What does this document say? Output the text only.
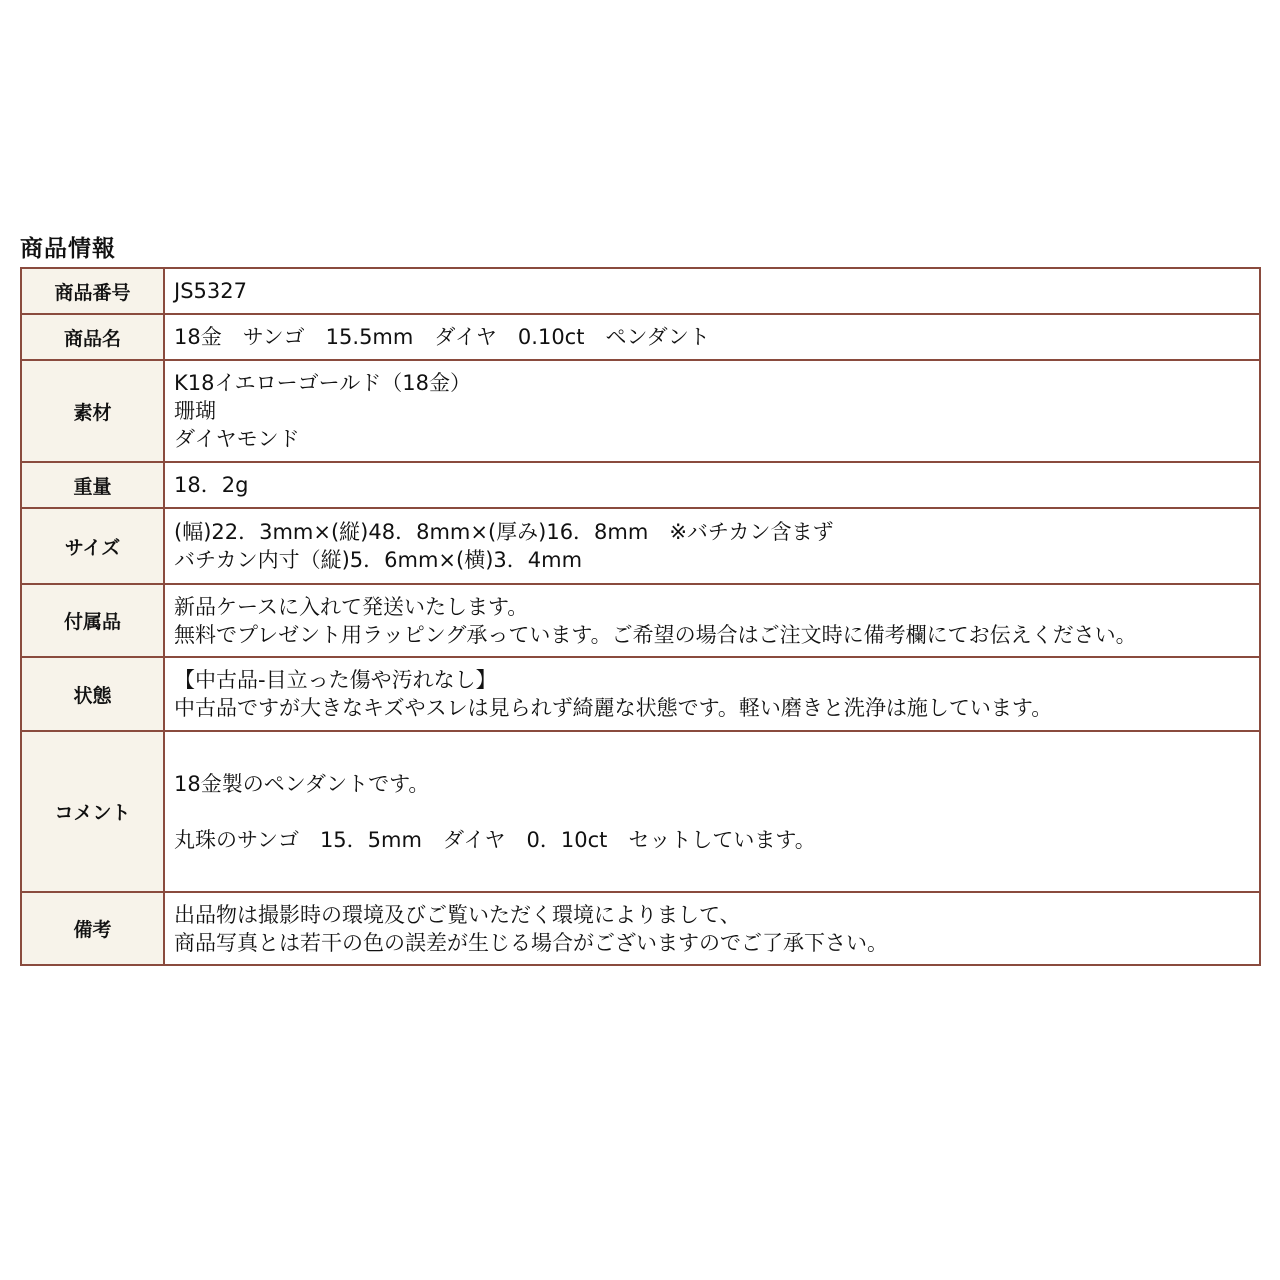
商品情報
商品番号	JS5327

商品名	18金　サンゴ　15.5mm　ダイヤ　0.10ct　ペンダント

素材	K18イエローゴールド（18金）
珊瑚
ダイヤモンド

重量	18．2g

サイズ	(幅)22．3mm×(縦)48．8mm×(厚み)16．8mm　※バチカン含まず
バチカン内寸（縦)5．6mm×(横)3．4mm

付属品	新品ケースに入れて発送いたします。
無料でプレゼント用ラッピング承っています。ご希望の場合はご注文時に備考欄にてお伝えください。

状態	【中古品-目立った傷や汚れなし】
中古品ですが大きなキズやスレは見られず綺麗な状態です。軽い磨きと洗浄は施しています。

コメント	18金製のペンダントです。
丸珠のサンゴ　15．5mm　ダイヤ　0．10ct　セットしています。

備考	出品物は撮影時の環境及びご覧いただく環境によりまして、
商品写真とは若干の色の誤差が生じる場合がございますのでご了承下さい。
